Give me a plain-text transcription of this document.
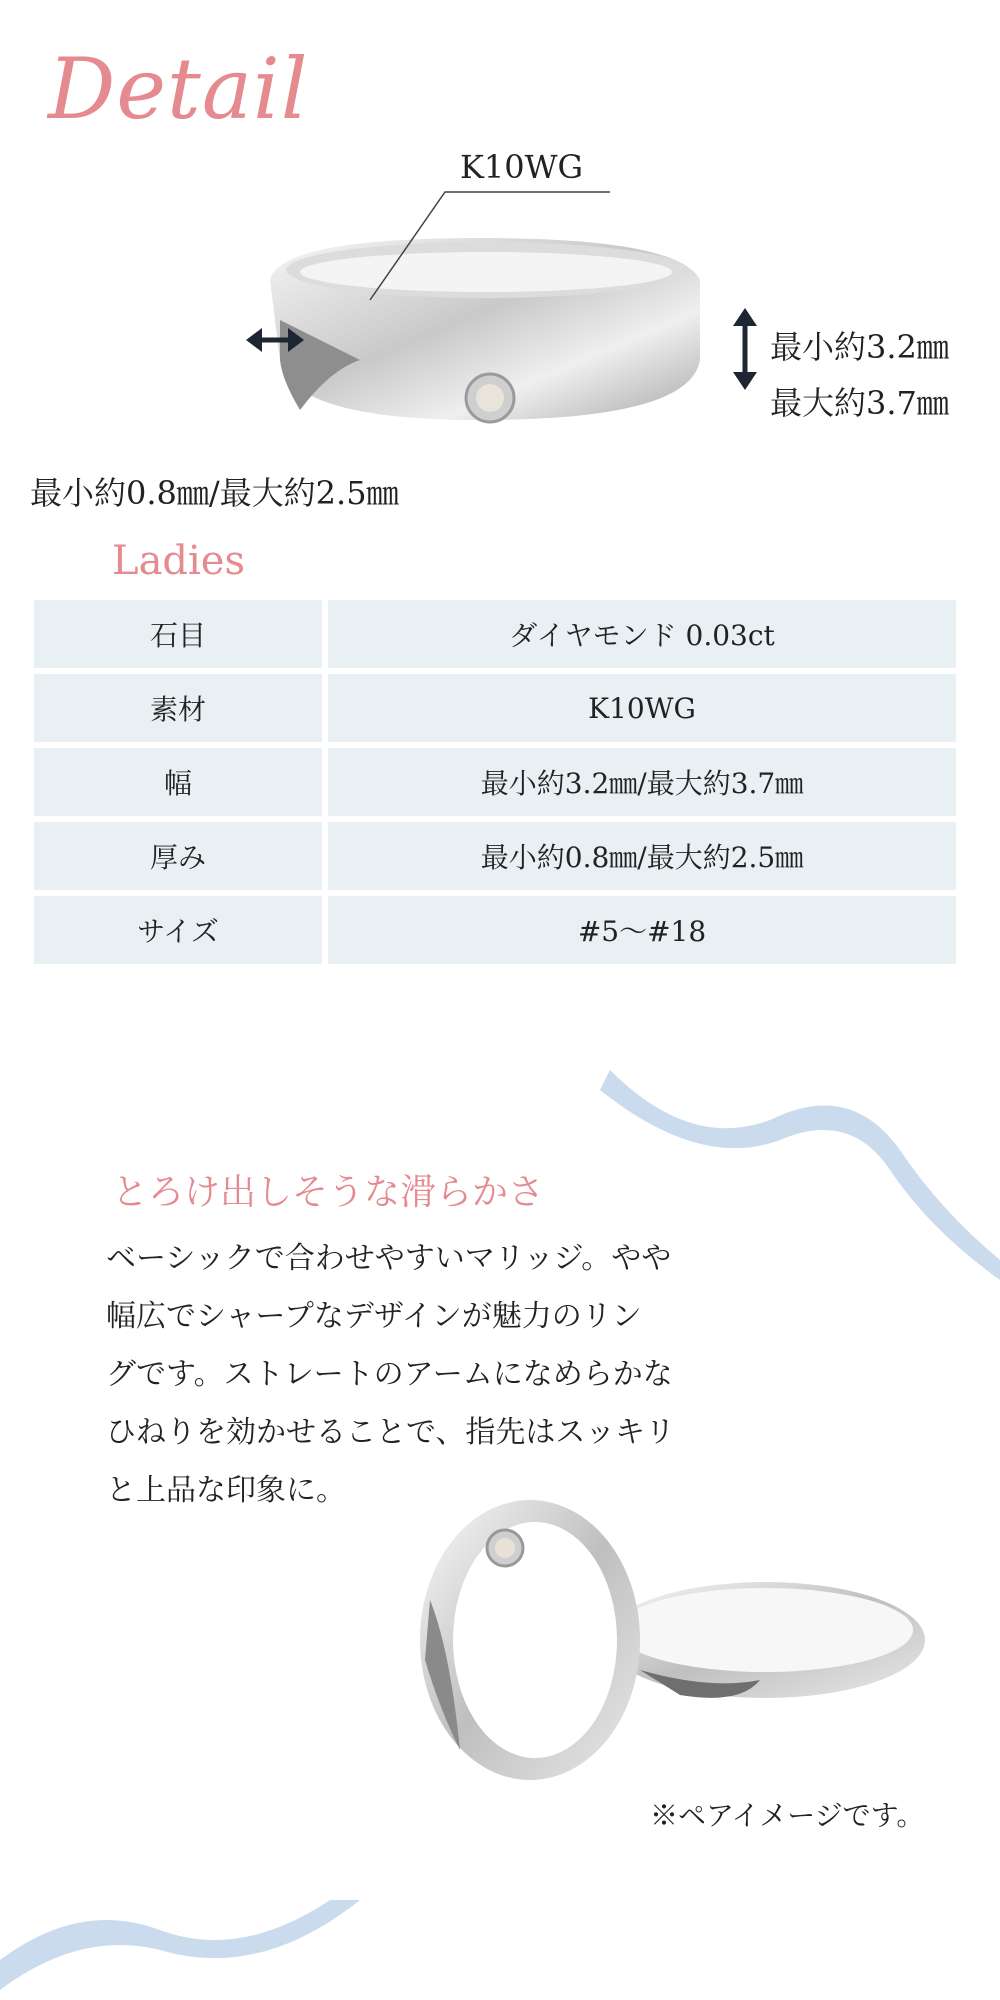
Detail
K10WG
最小約3.2㎜
最大約3.7㎜
最小約0.8㎜/最大約2.5㎜
Ladies
石目	ダイヤモンド 0.03ct
素材	K10WG
幅	最小約3.2㎜/最大約3.7㎜
厚み	最小約0.8㎜/最大約2.5㎜
サイズ	#5〜#18
とろけ出しそうな滑らかさ
ベーシックで合わせやすいマリッジ。やや
幅広でシャープなデザインが魅力のリン
グです。ストレートのアームになめらかな
ひねりを効かせることで、指先はスッキリ
と上品な印象に。
※ペアイメージです。
